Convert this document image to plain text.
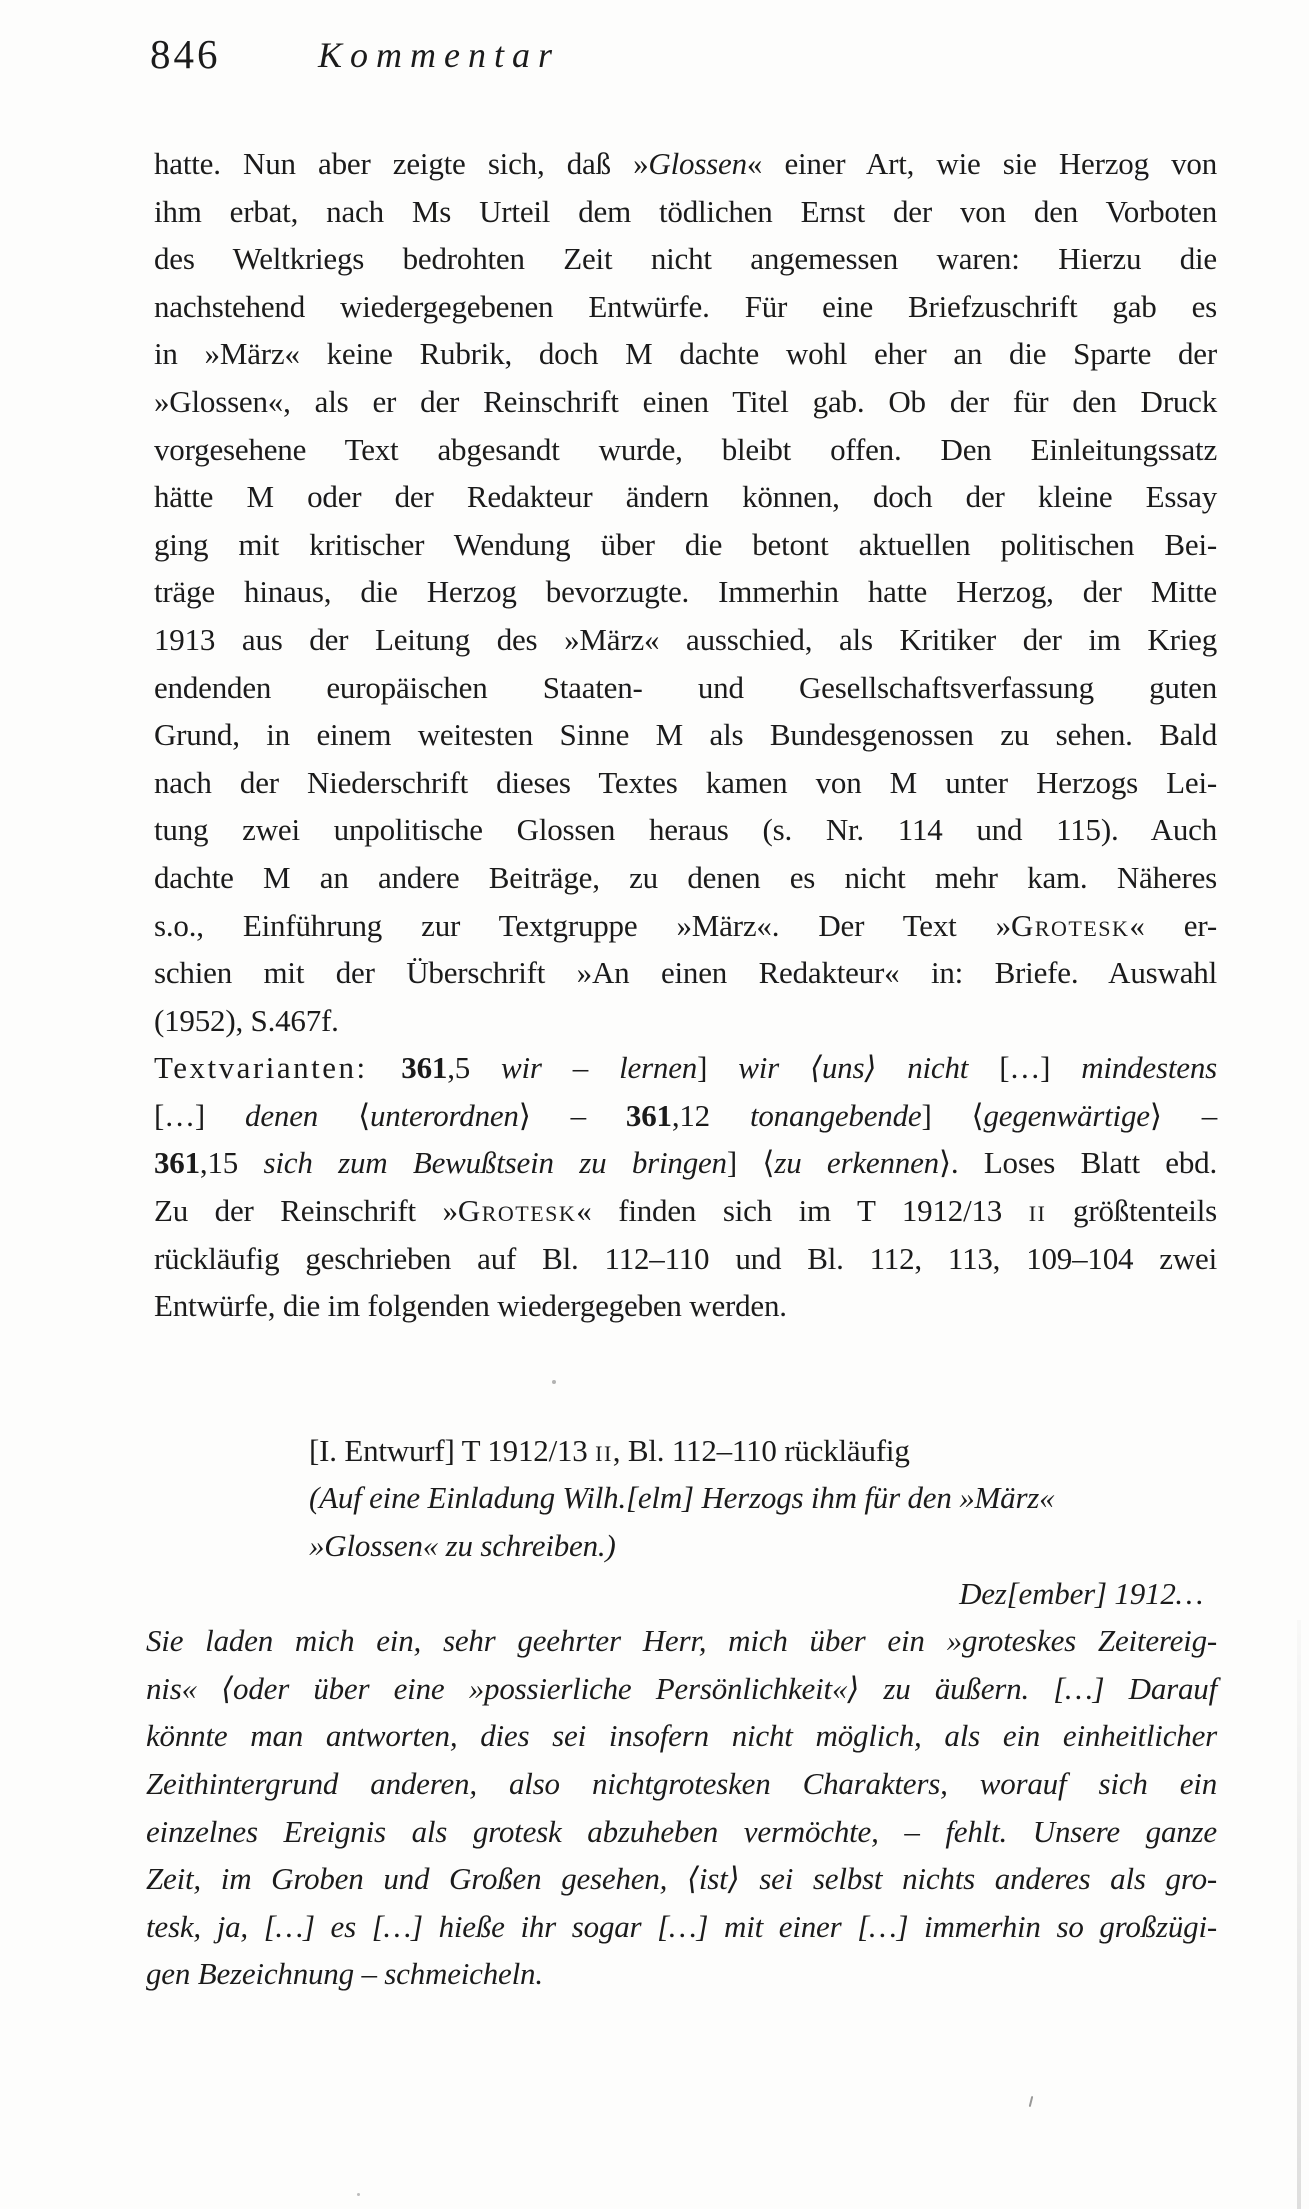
846	Kommentar
hatte. Nun aber zeigte sich, daß »Glossen« einer Art, wie sie Herzog von
ihm erbat, nach Ms Urteil dem tödlichen Ernst der von den Vorboten
des Weltkriegs bedrohten Zeit nicht angemessen waren: Hierzu die
nachstehend wiedergegebenen Entwürfe. Für eine Briefzuschrift gab es
in »März« keine Rubrik, doch M dachte wohl eher an die Sparte der
»Glossen«, als er der Reinschrift einen Titel gab. Ob der für den Druck
vorgesehene Text abgesandt wurde, bleibt offen. Den Einleitungssatz
hätte M oder der Redakteur ändern können, doch der kleine Essay
ging mit kritischer Wendung über die betont aktuellen politischen Bei-
träge hinaus, die Herzog bevorzugte. Immerhin hatte Herzog, der Mitte
1913 aus der Leitung des »März« ausschied, als Kritiker der im Krieg
endenden europäischen Staaten- und Gesellschaftsverfassung guten
Grund, in einem weitesten Sinne M als Bundesgenossen zu sehen. Bald
nach der Niederschrift dieses Textes kamen von M unter Herzogs Lei-
tung zwei unpolitische Glossen heraus (s. Nr. 114 und 115). Auch
dachte M an andere Beiträge, zu denen es nicht mehr kam. Näheres
s.o., Einführung zur Textgruppe »März«. Der Text »Grotesk« er-
schien mit der Überschrift »An einen Redakteur« in: Briefe. Auswahl
(1952), S.467f.
Textvarianten: 361,5 wir – lernen] wir ⟨uns⟩ nicht […] mindestens
[…] denen ⟨unterordnen⟩ – 361,12 tonangebende] ⟨gegenwärtige⟩ –
361,15 sich zum Bewußtsein zu bringen] ⟨zu erkennen⟩. Loses Blatt ebd.
Zu der Reinschrift »Grotesk« finden sich im T 1912/13 ii größtenteils
rückläufig geschrieben auf Bl. 112–110 und Bl. 112, 113, 109–104 zwei
Entwürfe, die im folgenden wiedergegeben werden.
[I. Entwurf] T 1912/13 ii, Bl. 112–110 rückläufig
(Auf eine Einladung Wilh.[elm] Herzogs ihm für den »März«
»Glossen« zu schreiben.)
Dez[ember] 1912…
Sie laden mich ein, sehr geehrter Herr, mich über ein »groteskes Zeitereig-
nis« ⟨oder über eine »possierliche Persönlichkeit«⟩ zu äußern. […] Darauf
könnte man antworten, dies sei insofern nicht möglich, als ein einheitlicher
Zeithintergrund anderen, also nichtgrotesken Charakters, worauf sich ein
einzelnes Ereignis als grotesk abzuheben vermöchte, – fehlt. Unsere ganze
Zeit, im Groben und Großen gesehen, ⟨ist⟩ sei selbst nichts anderes als gro-
tesk, ja, […] es […] hieße ihr sogar […] mit einer […] immerhin so großzügi-
gen Bezeichnung – schmeicheln.
